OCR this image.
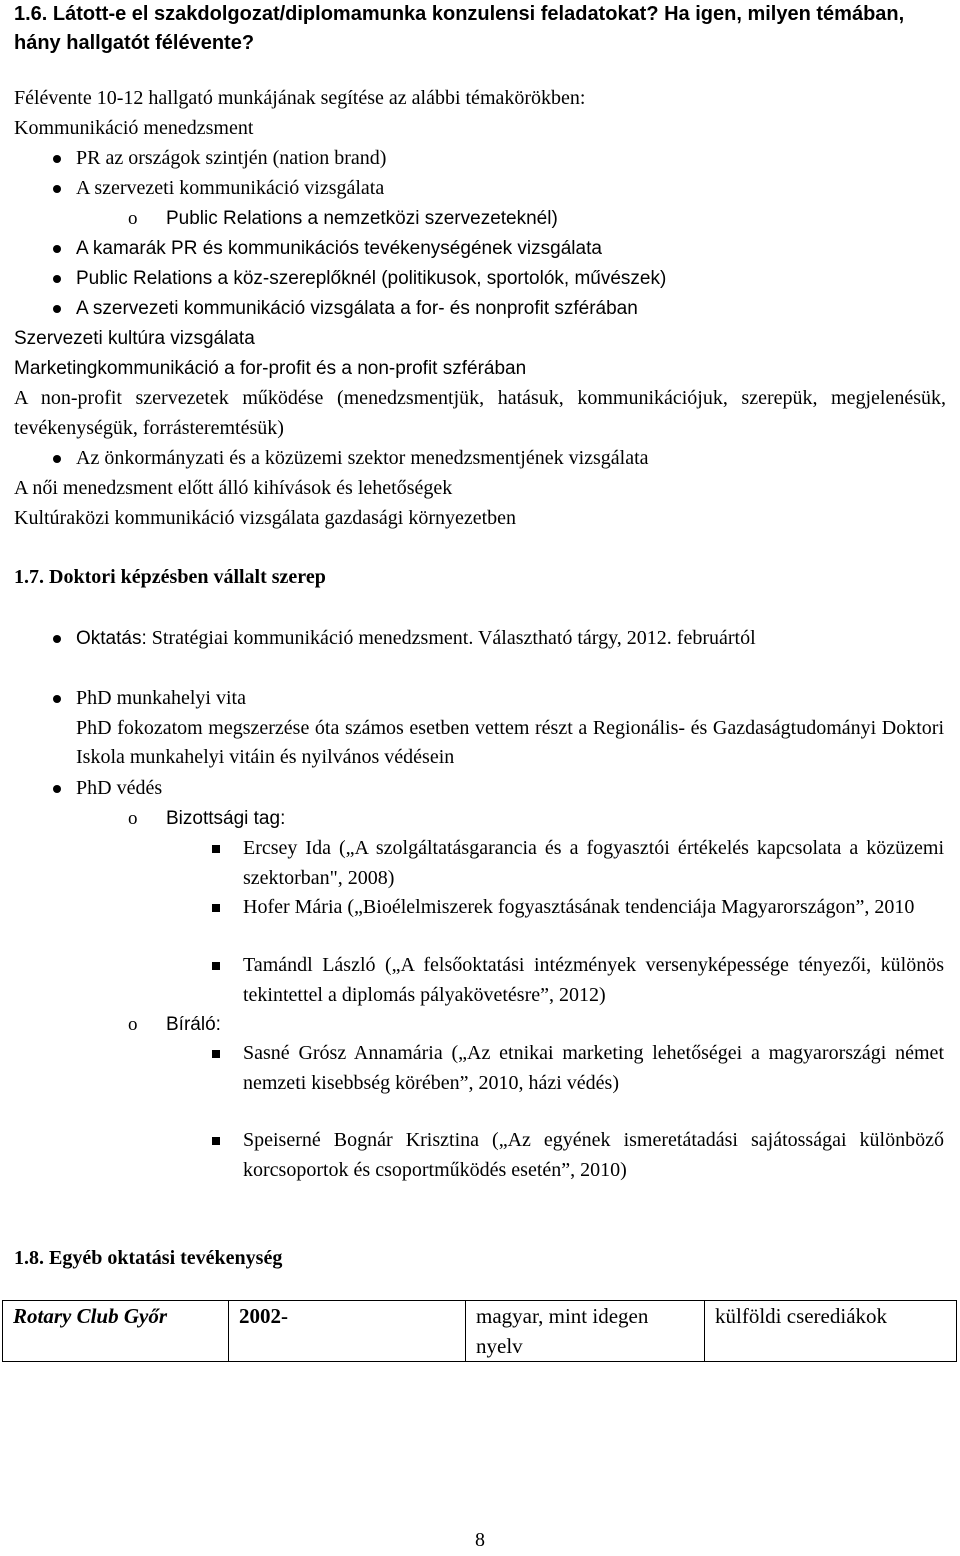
1.6. Látott-e el szakdolgozat/diplomamunka konzulensi feladatokat? Ha igen, milyen témában, hány hallgatót félévente?

Félévente 10-12 hallgató munkájának segítése az alábbi témakörökben:

Kommunikáció menedzsment

PR az országok szintjén (nation brand)
A szervezeti kommunikáció vizsgálata
o Public Relations a nemzetközi szervezeteknél)
A kamarák PR és kommunikációs tevékenységének vizsgálata
Public Relations a köz-szereplőknél (politikusok, sportolók, művészek)
A szervezeti kommunikáció vizsgálata a for- és nonprofit szférában

Szervezeti kultúra vizsgálata

Marketingkommunikáció a for-profit és a non-profit szférában

A non-profit szervezetek működése (menedzsmentjük, hatásuk, kommunikációjuk, szerepük, megjelenésük, tevékenységük, forrásteremtésük)

Az önkormányzati és a közüzemi szektor menedzsmentjének vizsgálata

A női menedzsment előtt álló kihívások és lehetőségek

Kultúraközi kommunikáció vizsgálata gazdasági környezetben

1.7. Doktori képzésben vállalt szerep

Oktatás: Stratégiai kommunikáció menedzsment. Választható tárgy, 2012. februártól

PhD munkahelyi vita

PhD fokozatom megszerzése óta számos esetben vettem részt a Regionális- és Gazdaságtudományi Doktori Iskola munkahelyi vitáin és nyilvános védésein

PhD védés
o Bizottsági tag:

Ercsey Ida („A szolgáltatásgarancia és a fogyasztói értékelés kapcsolata a közüzemi szektorban", 2008)

Hofer Mária („Bioélelmiszerek fogyasztásának tendenciája Magyarországon”, 2010

Tamándl László („A felsőoktatási intézmények versenyképessége tényezői, különös tekintettel a diplomás pályakövetésre”, 2012)

o Bíráló:

Sasné Grósz Annamária („Az etnikai marketing lehetőségei a magyarországi német nemzeti kisebbség körében”, 2010, házi védés)

Speiserné Bognár Krisztina („Az egyének ismeretátadási sajátosságai különböző korcsoportok és csoportműködés esetén”, 2010)

1.8. Egyéb oktatási tevékenység

Rotary Club Győr	2002-	magyar, mint idegen nyelv	külföldi cserediákok
8
